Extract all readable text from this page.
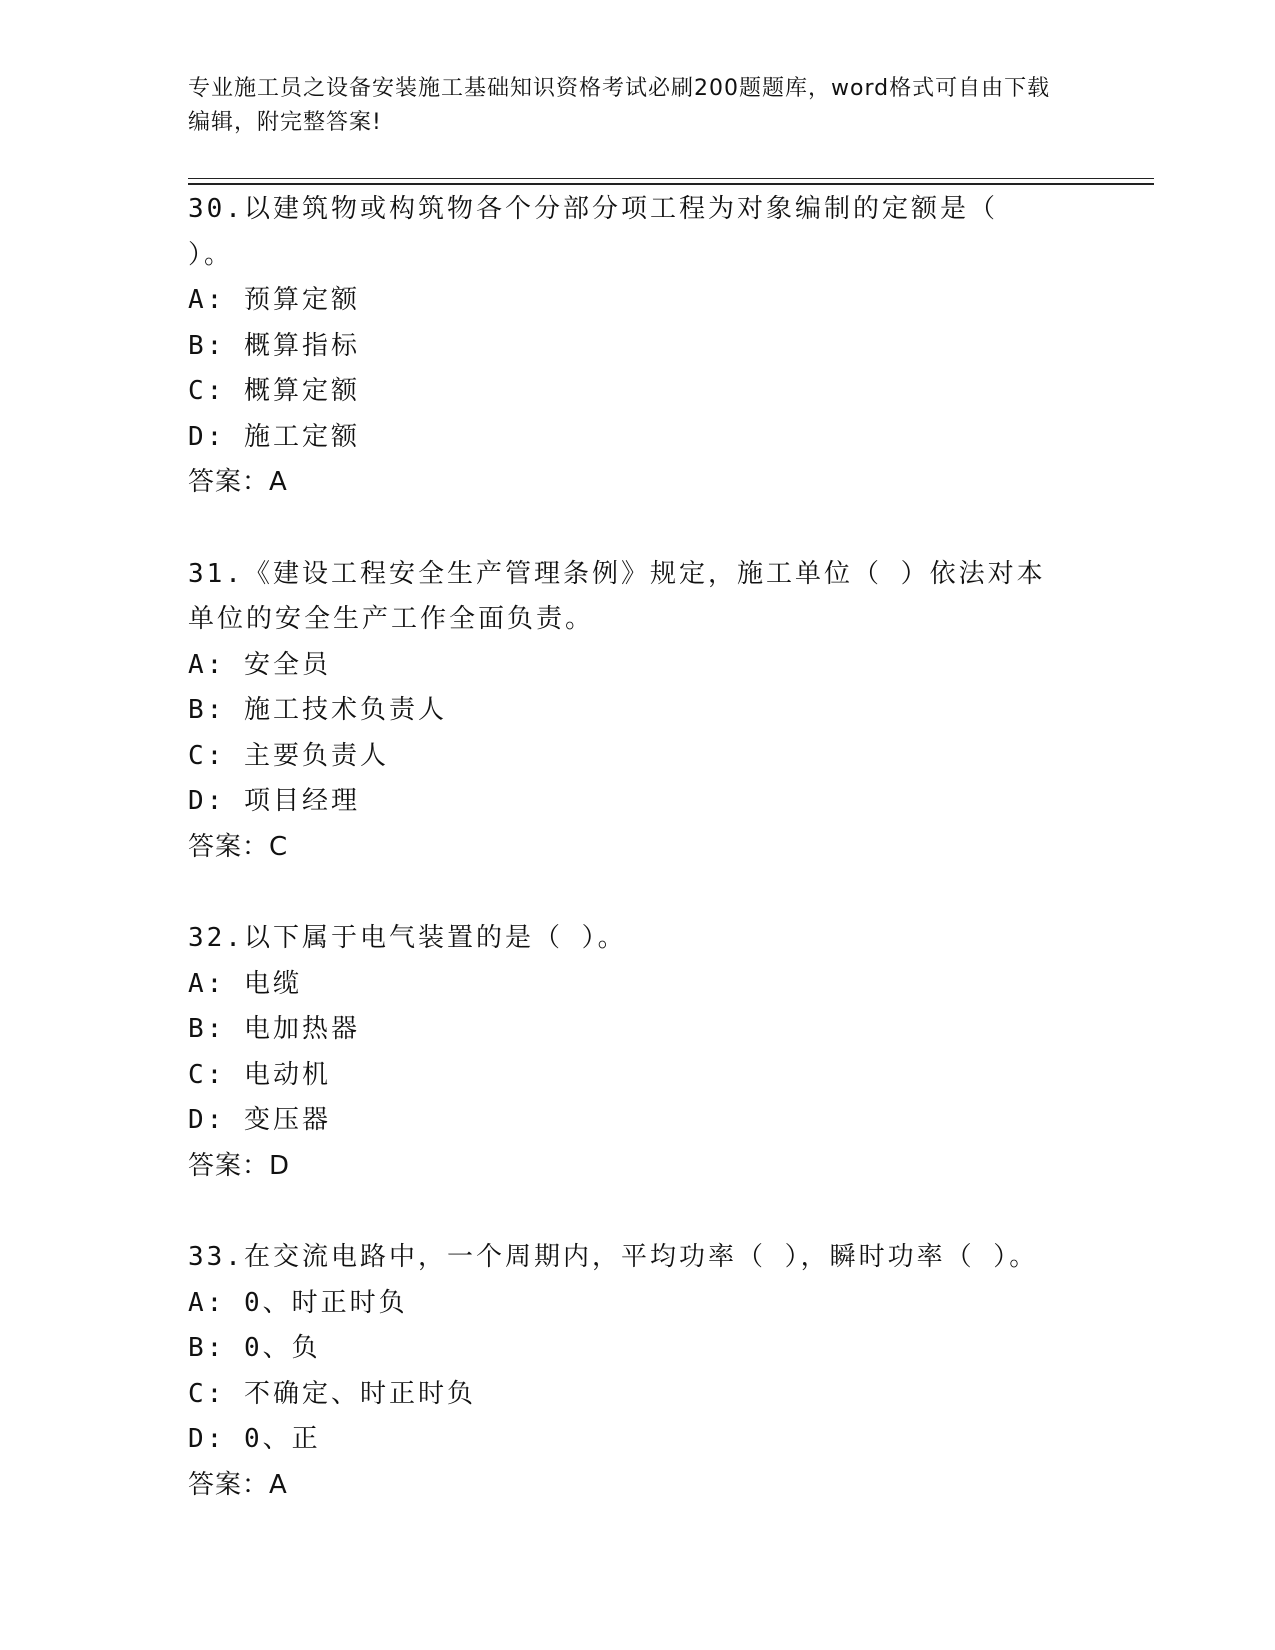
专业施工员之设备安装施工基础知识资格考试必刷200题题库，word格式可自由下载编辑，附完整答案!
30.以建筑物或构筑物各个分部分项工程为对象编制的定额是（ ）。
A: 预算定额
B: 概算指标
C: 概算定额
D: 施工定额
答案：A
31.《建设工程安全生产管理条例》规定，施工单位（ ）依法对本单位的安全生产工作全面负责。
A: 安全员
B: 施工技术负责人
C: 主要负责人
D: 项目经理
答案：C
32.以下属于电气装置的是（ ）。
A: 电缆
B: 电加热器
C: 电动机
D: 变压器
答案：D
33.在交流电路中，一个周期内，平均功率（ ），瞬时功率（ ）。
A: 0、时正时负
B: 0、负
C: 不确定、时正时负
D: 0、正
答案：A
